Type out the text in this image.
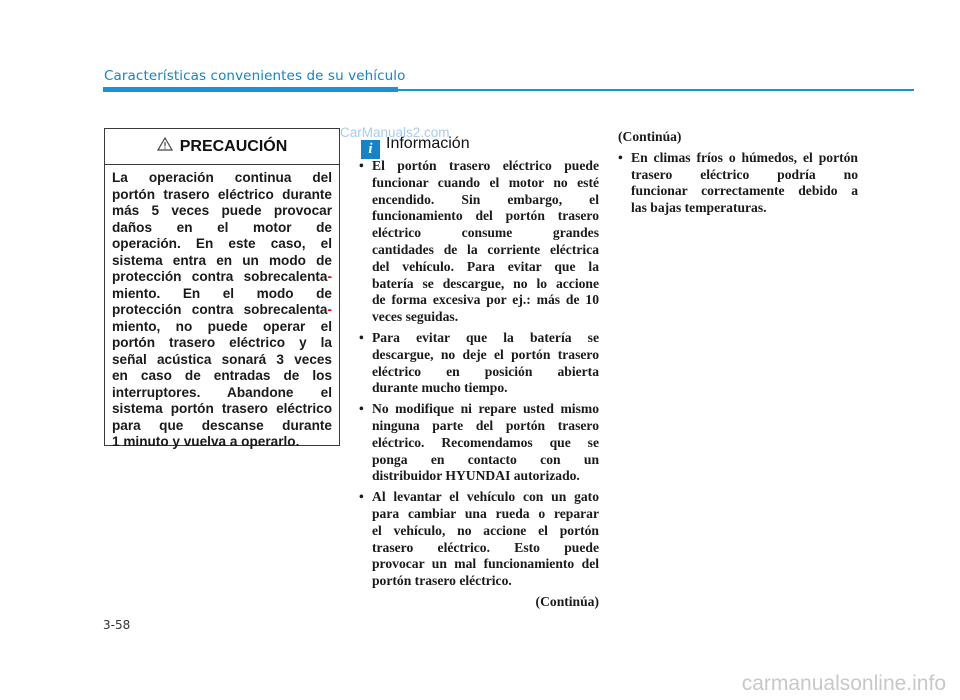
Características convenientes de su vehículo
PRECAUCIÓN
La operación continua del
portón trasero eléctrico durante
más 5 veces puede provocar
daños en el motor de
operación. En este caso, el
sistema entra en un modo de
protección contra sobrecalenta-
miento. En el modo de
protección contra sobrecalenta-
miento, no puede operar el
portón trasero eléctrico y la
señal acústica sonará 3 veces
en caso de entradas de los
interruptores. Abandone el
sistema portón trasero eléctrico
para que descanse durante
1 minuto y vuelva a operarlo.
i Información
CarManuals2.com
• El portón trasero eléctrico puede
funcionar cuando el motor no esté
encendido. Sin embargo, el
funcionamiento del portón trasero
eléctrico consume grandes
cantidades de la corriente eléctrica
del vehículo. Para evitar que la
batería se descargue, no lo accione
de forma excesiva por ej.: más de 10
veces seguidas.
• Para evitar que la batería se
descargue, no deje el portón trasero
eléctrico en posición abierta
durante mucho tiempo.
• No modifique ni repare usted mismo
ninguna parte del portón trasero
eléctrico. Recomendamos que se
ponga en contacto con un
distribuidor HYUNDAI autorizado.
• Al levantar el vehículo con un gato
para cambiar una rueda o reparar
el vehículo, no accione el portón
trasero eléctrico. Esto puede
provocar un mal funcionamiento del
portón trasero eléctrico.
(Continúa)
(Continúa)
• En climas fríos o húmedos, el portón
trasero eléctrico podría no
funcionar correctamente debido a
las bajas temperaturas.
3-58
carmanualsonline.info
